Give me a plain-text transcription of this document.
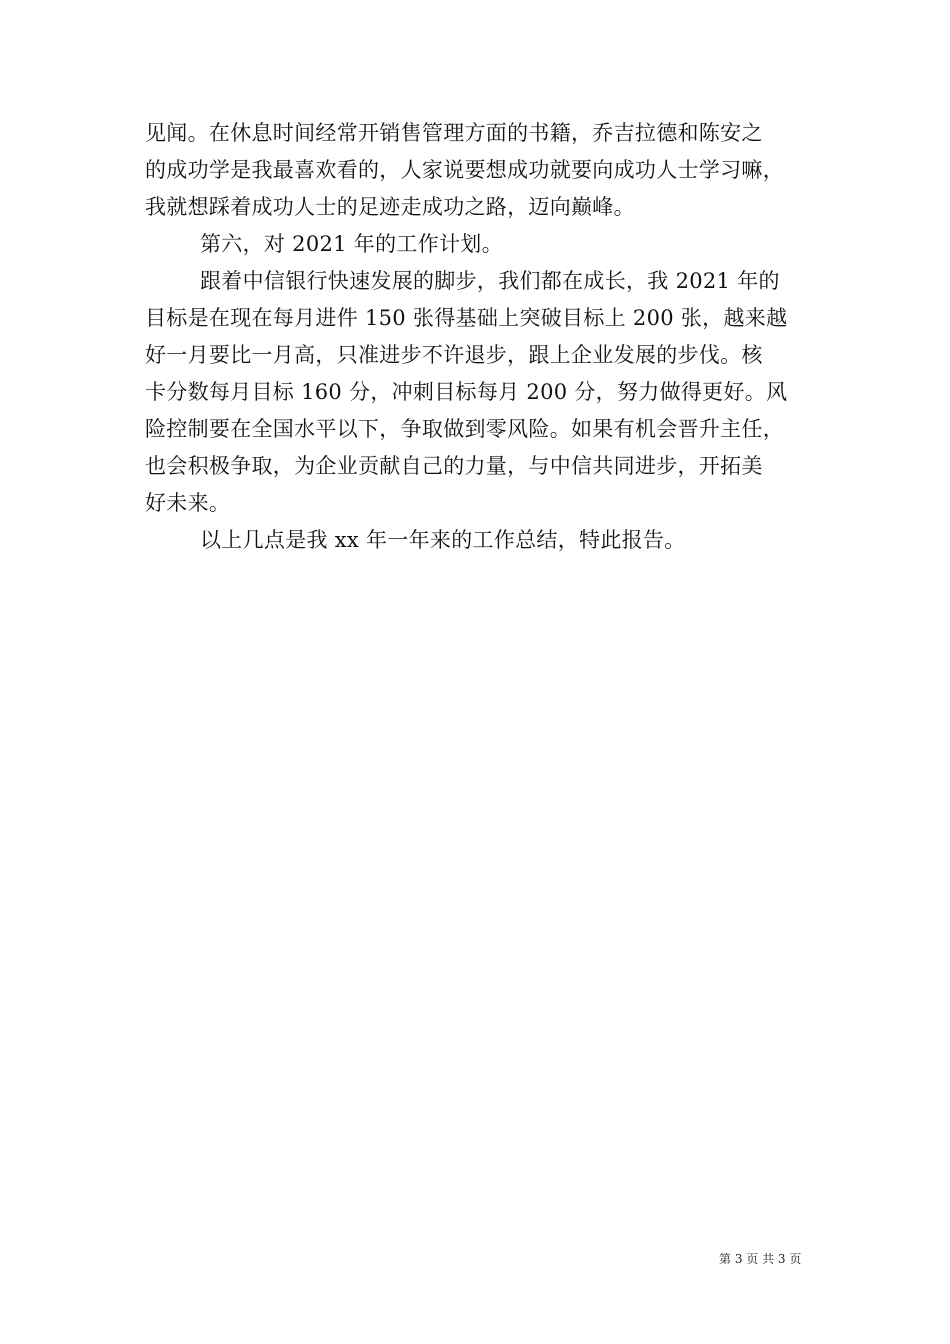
见闻。在休息时间经常开销售管理方面的书籍，乔吉拉德和陈安之
的成功学是我最喜欢看的，人家说要想成功就要向成功人士学习嘛，
我就想踩着成功人士的足迹走成功之路，迈向巅峰。
第六，对 2021 年的工作计划。
跟着中信银行快速发展的脚步，我们都在成长，我 2021 年的
目标是在现在每月进件 150 张得基础上突破目标上 200 张，越来越
好一月要比一月高，只准进步不许退步，跟上企业发展的步伐。核
卡分数每月目标 160 分，冲刺目标每月 200 分，努力做得更好。风
险控制要在全国水平以下，争取做到零风险。如果有机会晋升主任，
也会积极争取，为企业贡献自己的力量，与中信共同进步，开拓美
好未来。
以上几点是我 xx 年一年来的工作总结，特此报告。
第 3 页 共 3 页
